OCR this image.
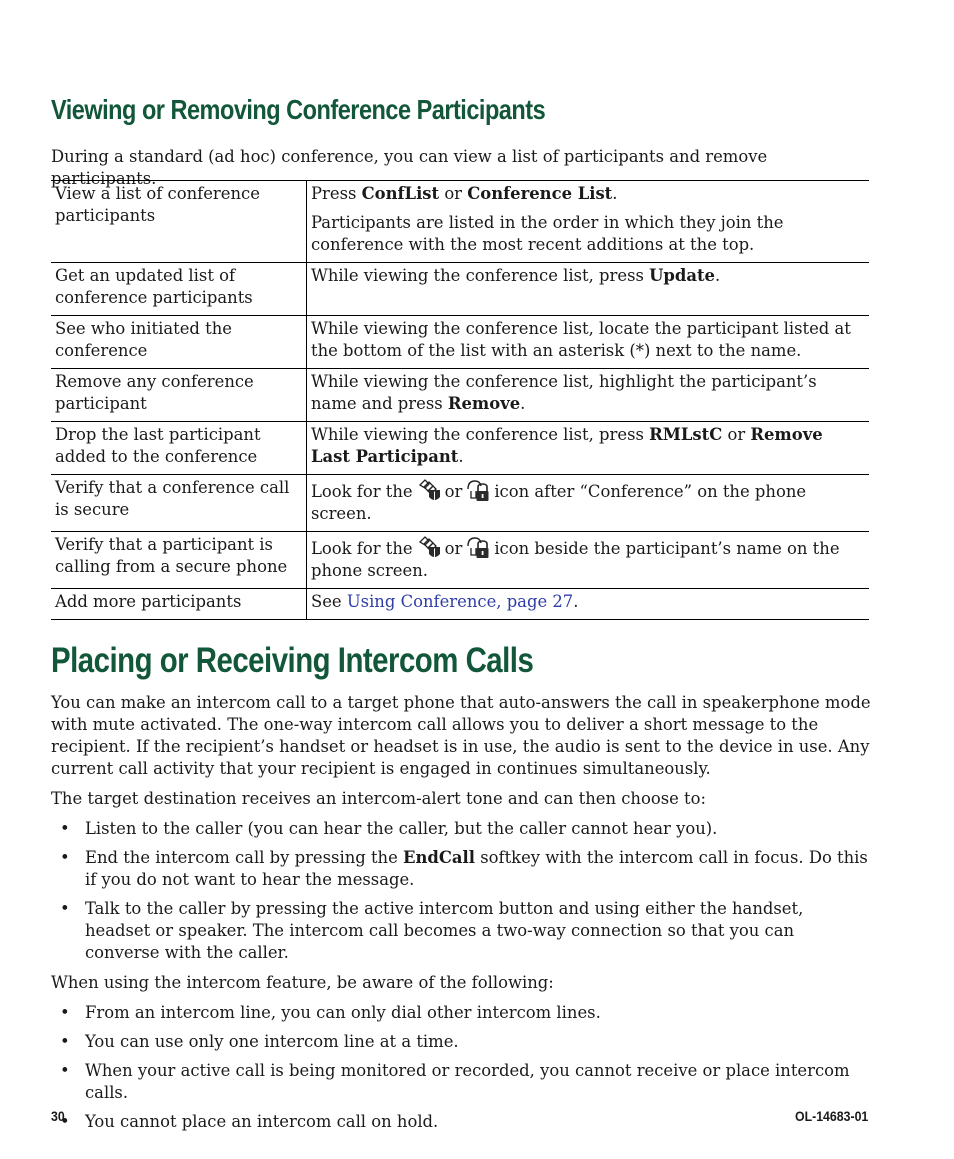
Viewing or Removing Conference Participants

During a standard (ad hoc) conference, you can view a list of participants and remove participants.

View a list of conference participants	Press ConfList or Conference List.

Participants are listed in the order in which they join the conference with the most recent additions at the top.

Get an updated list of conference participants	While viewing the conference list, press Update.

See who initiated the conference	While viewing the conference list, locate the participant listed at the bottom of the list with an asterisk (*) next to the name.

Remove any conference participant	While viewing the conference list, highlight the participant’s name and press Remove.

Drop the last participant added to the conference	While viewing the conference list, press RMLstC or Remove Last Participant.

Verify that a conference call is secure	Look for the or icon after “Conference” on the phone screen.

Verify that a participant is calling from a secure phone	Look for the or icon beside the participant’s name on the phone screen.

Add more participants	See Using Conference, page 27.

Placing or Receiving Intercom Calls

You can make an intercom call to a target phone that auto-answers the call in speakerphone mode with mute activated. The one-way intercom call allows you to deliver a short message to the recipient. If the recipient’s handset or headset is in use, the audio is sent to the device in use. Any current call activity that your recipient is engaged in continues simultaneously.

The target destination receives an intercom-alert tone and can then choose to:

• Listen to the caller (you can hear the caller, but the caller cannot hear you).
• End the intercom call by pressing the EndCall softkey with the intercom call in focus. Do this if you do not want to hear the message.
• Talk to the caller by pressing the active intercom button and using either the handset, headset or speaker. The intercom call becomes a two-way connection so that you can converse with the caller.

When using the intercom feature, be aware of the following:

• From an intercom line, you can only dial other intercom lines.
• You can use only one intercom line at a time.
• When your active call is being monitored or recorded, you cannot receive or place intercom calls.
• You cannot place an intercom call on hold.
30	OL-14683-01
